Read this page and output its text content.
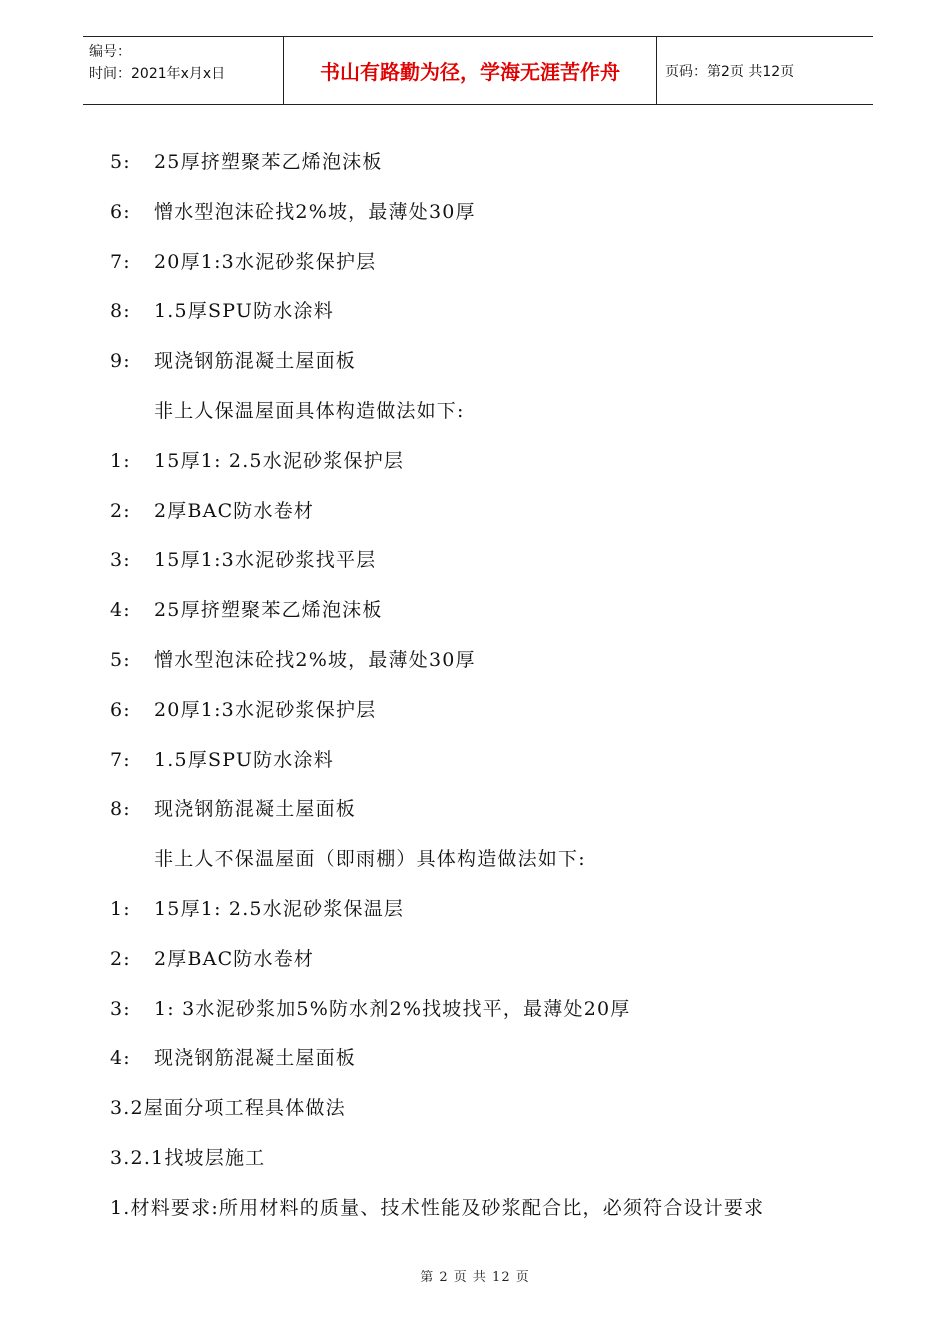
编号：
时间：2021年x月x日	书山有路勤为径，学海无涯苦作舟	页码：第2页 共12页
5:	25厚挤塑聚苯乙烯泡沫板
6:	憎水型泡沫砼找2%坡，最薄处30厚
7:	20厚1:3水泥砂浆保护层
8:	1.5厚SPU防水涂料
9:	现浇钢筋混凝土屋面板
非上人保温屋面具体构造做法如下:
1:	15厚1: 2.5水泥砂浆保护层
2:	2厚BAC防水卷材
3:	15厚1:3水泥砂浆找平层
4:	25厚挤塑聚苯乙烯泡沫板
5:	憎水型泡沫砼找2%坡，最薄处30厚
6:	20厚1:3水泥砂浆保护层
7:	1.5厚SPU防水涂料
8:	现浇钢筋混凝土屋面板
非上人不保温屋面（即雨棚）具体构造做法如下:
1:	15厚1: 2.5水泥砂浆保温层
2:	2厚BAC防水卷材
3:	1: 3水泥砂浆加5%防水剂2%找坡找平，最薄处20厚
4:	现浇钢筋混凝土屋面板
3.2屋面分项工程具体做法
3.2.1找坡层施工
1.材料要求:所用材料的质量、技术性能及砂浆配合比，必须符合设计要求
第 2 页 共 12 页
